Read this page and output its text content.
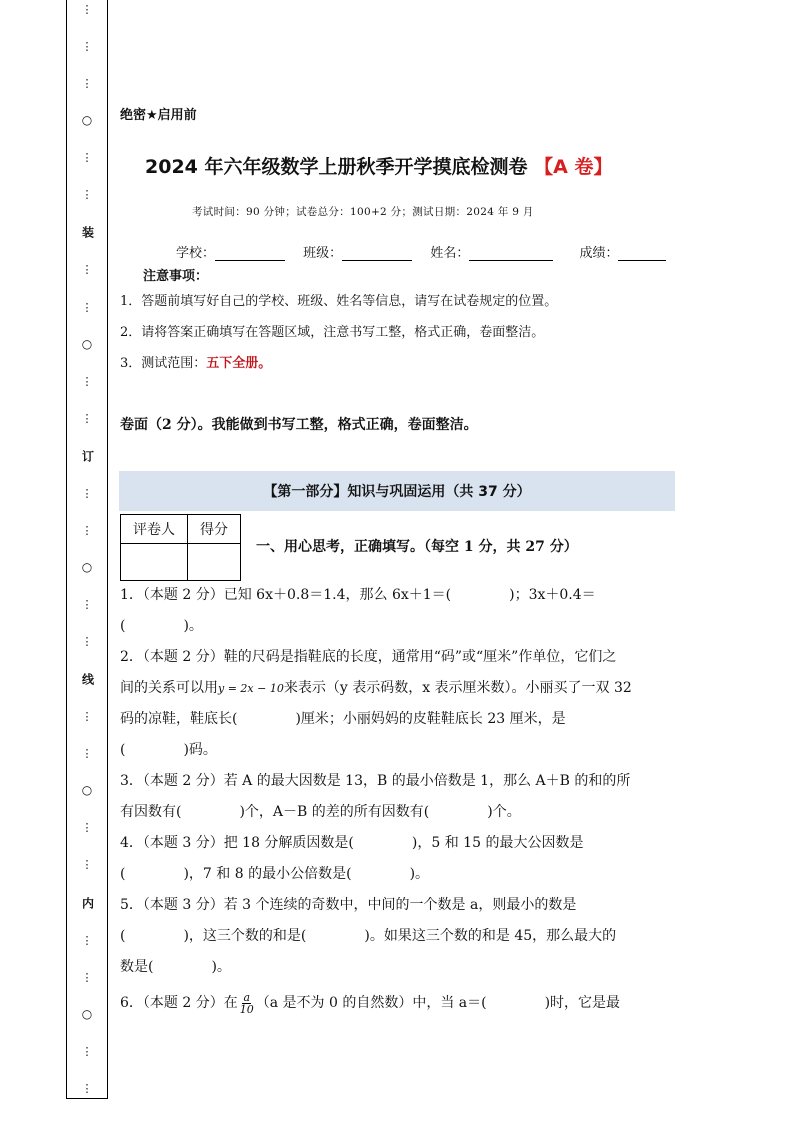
⋮
⋮
⋮
○
⋮
⋮
装
⋮
⋮
○
⋮
⋮
订
⋮
⋮
○
⋮
⋮
线
⋮
⋮
○
⋮
⋮
内
⋮
⋮
○
⋮
⋮
绝密★启用前
2024 年六年级数学上册秋季开学摸底检测卷 【A 卷】
考试时间：90 分钟；试卷总分：100+2 分；测试日期：2024 年 9 月
学校：	班级：	姓名：	成绩：
注意事项：
1．答题前填写好自己的学校、班级、姓名等信息，请写在试卷规定的位置。
2．请将答案正确填写在答题区域，注意书写工整，格式正确，卷面整洁。
3．测试范围：五下全册。
卷面（2 分）。我能做到书写工整，格式正确，卷面整洁。
【第一部分】知识与巩固运用（共 37 分）
评卷人	得分

一、用心思考，正确填写。（每空 1 分，共 27 分）
1．（本题 2 分）已知 6x＋0.8＝1.4，那么 6x＋1＝(	)；3x＋0.4＝
(	)。
2．（本题 2 分）鞋的尺码是指鞋底的长度，通常用“码”或“厘米”作单位，它们之
间的关系可以用y = 2x − 10来表示（y 表示码数，x 表示厘米数）。小丽买了一双 32
码的凉鞋，鞋底长(	)厘米；小丽妈妈的皮鞋鞋底长 23 厘米，是
(	)码。
3．（本题 2 分）若 A 的最大因数是 13，B 的最小倍数是 1，那么 A＋B 的和的所
有因数有(	)个，A－B 的差的所有因数有(	)个。
4．（本题 3 分）把 18 分解质因数是(	)，5 和 15 的最大公因数是
(	)，7 和 8 的最小公倍数是(	)。
5．（本题 3 分）若 3 个连续的奇数中，中间的一个数是 a，则最小的数是
(	)，这三个数的和是(	)。如果这三个数的和是 45，那么最大的
数是(	)。
6．（本题 2 分）在 $\frac{a}{10} (a$ 是不为 0 的自然数）中，当 a＝(	)时，它是最
